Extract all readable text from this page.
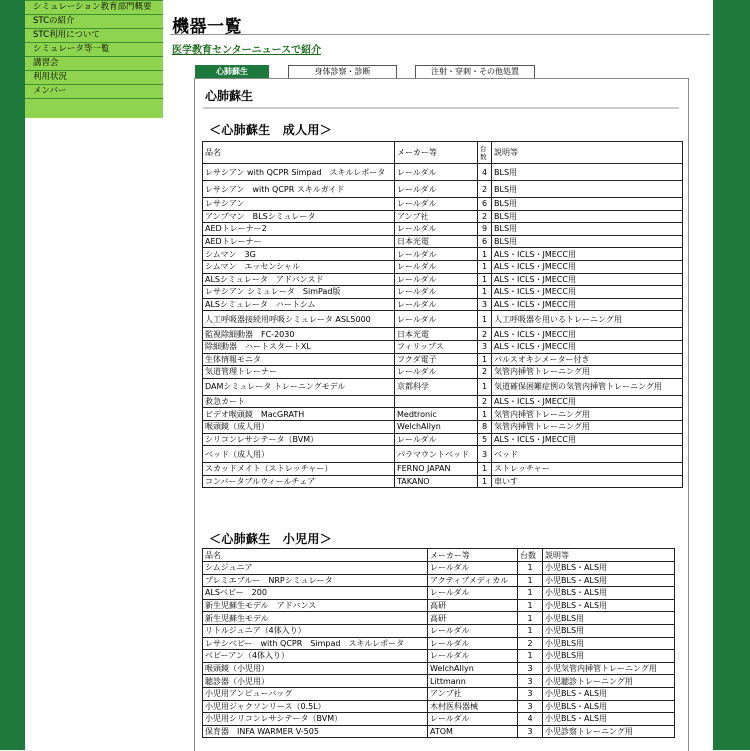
シミュレーション教育部門概要
STCの紹介
STC利用について
シミュレータ等一覧
講習会
利用状況
メンバー
機器一覧
医学教育センターニュースで紹介
心肺蘇生	身体診察・診断	注射・穿刺・その他処置
心肺蘇生
＜心肺蘇生　成人用＞
品名	メーカー等	台数	説明等
レサシアン with QCPR Simpad　スキルレポータ	レールダル	4	BLS用
レサシアン　with QCPR スキルガイド	レールダル	2	BLS用
レサシアン	レールダル	6	BLS用
アンブマン　BLSシミュレータ	アンブ社	2	BLS用
AEDトレーナー2	レールダル	9	BLS用
AEDトレーナー	日本光電	6	BLS用
シムマン　3G	レールダル	1	ALS・ICLS・JMECC用
シムマン　エッセンシャル	レールダル	1	ALS・ICLS・JMECC用
ALSシミュレータ　アドバンスド	レールダル	1	ALS・ICLS・JMECC用
レサシアン シミュレータ　SimPad版	レールダル	1	ALS・ICLS・JMECC用
ALSシミュレータ　ハートシム	レールダル	3	ALS・ICLS・JMECC用
人工呼吸器接続用呼吸シミュレータ ASL5000	レールダル	1	人工呼吸器を用いるトレーニング用
監視除細動器　FC-2030	日本光電	2	ALS・ICLS・JMECC用
除細動器　ハートスタートXL	フィリップス	3	ALS・ICLS・JMECC用
生体情報モニタ	フクダ電子	1	パルスオキシメーター付き
気道管理トレーナー	レールダル	2	気管内挿管トレーニング用
DAMシミュレータ トレーニングモデル	京都科学	1	気道確保困難症例の気管内挿管トレーニング用
救急カート		2	ALS・ICLS・JMECC用
ビデオ喉頭鏡　MacGRATH	Medtronic	1	気管内挿管トレーニング用
喉頭鏡（成人用）	WelchAllyn	8	気管内挿管トレーニング用
シリコンレサシテータ（BVM）	レールダル	5	ALS・ICLS・JMECC用
ベッド（成人用）	パラマウントベッド	3	ベッド
スカッドメイト（ストレッチャー）	FERNO JAPAN	1	ストレッチャー
コンバータブルウィールチェア	TAKANO	1	車いす
＜心肺蘇生　小児用＞
品名	メーカー等	台数	説明等
シムジュニア	レールダル	1	小児BLS・ALS用
プレミエブルー　NRPシミュレータ	アクティブメディカル	1	小児BLS・ALS用
ALSベビー　200	レールダル	1	小児BLS・ALS用
新生児蘇生モデル　アドバンス	高研	1	小児BLS・ALS用
新生児蘇生モデル	高研	1	小児BLS用
リトルジュニア（4体入り）	レールダル	1	小児BLS用
レサシベビー　with QCPR　Simpad　スキルレポータ	レールダル	2	小児BLS用
ベビーアン（4体入り）	レールダル	1	小児BLS用
喉頭鏡（小児用）	WelchAllyn	3	小児気管内挿管トレーニング用
聴診器（小児用）	Littmann	3	小児聴診トレーニング用
小児用アンビューバッグ	アンブ社	3	小児BLS・ALS用
小児用ジャクソンリース（0.5L）	木村医科器械	3	小児BLS・ALS用
小児用シリコンレサシテータ（BVM）	レールダル	4	小児BLS・ALS用
保育器　INFA WARMER V-505	ATOM	3	小児診察トレーニング用
